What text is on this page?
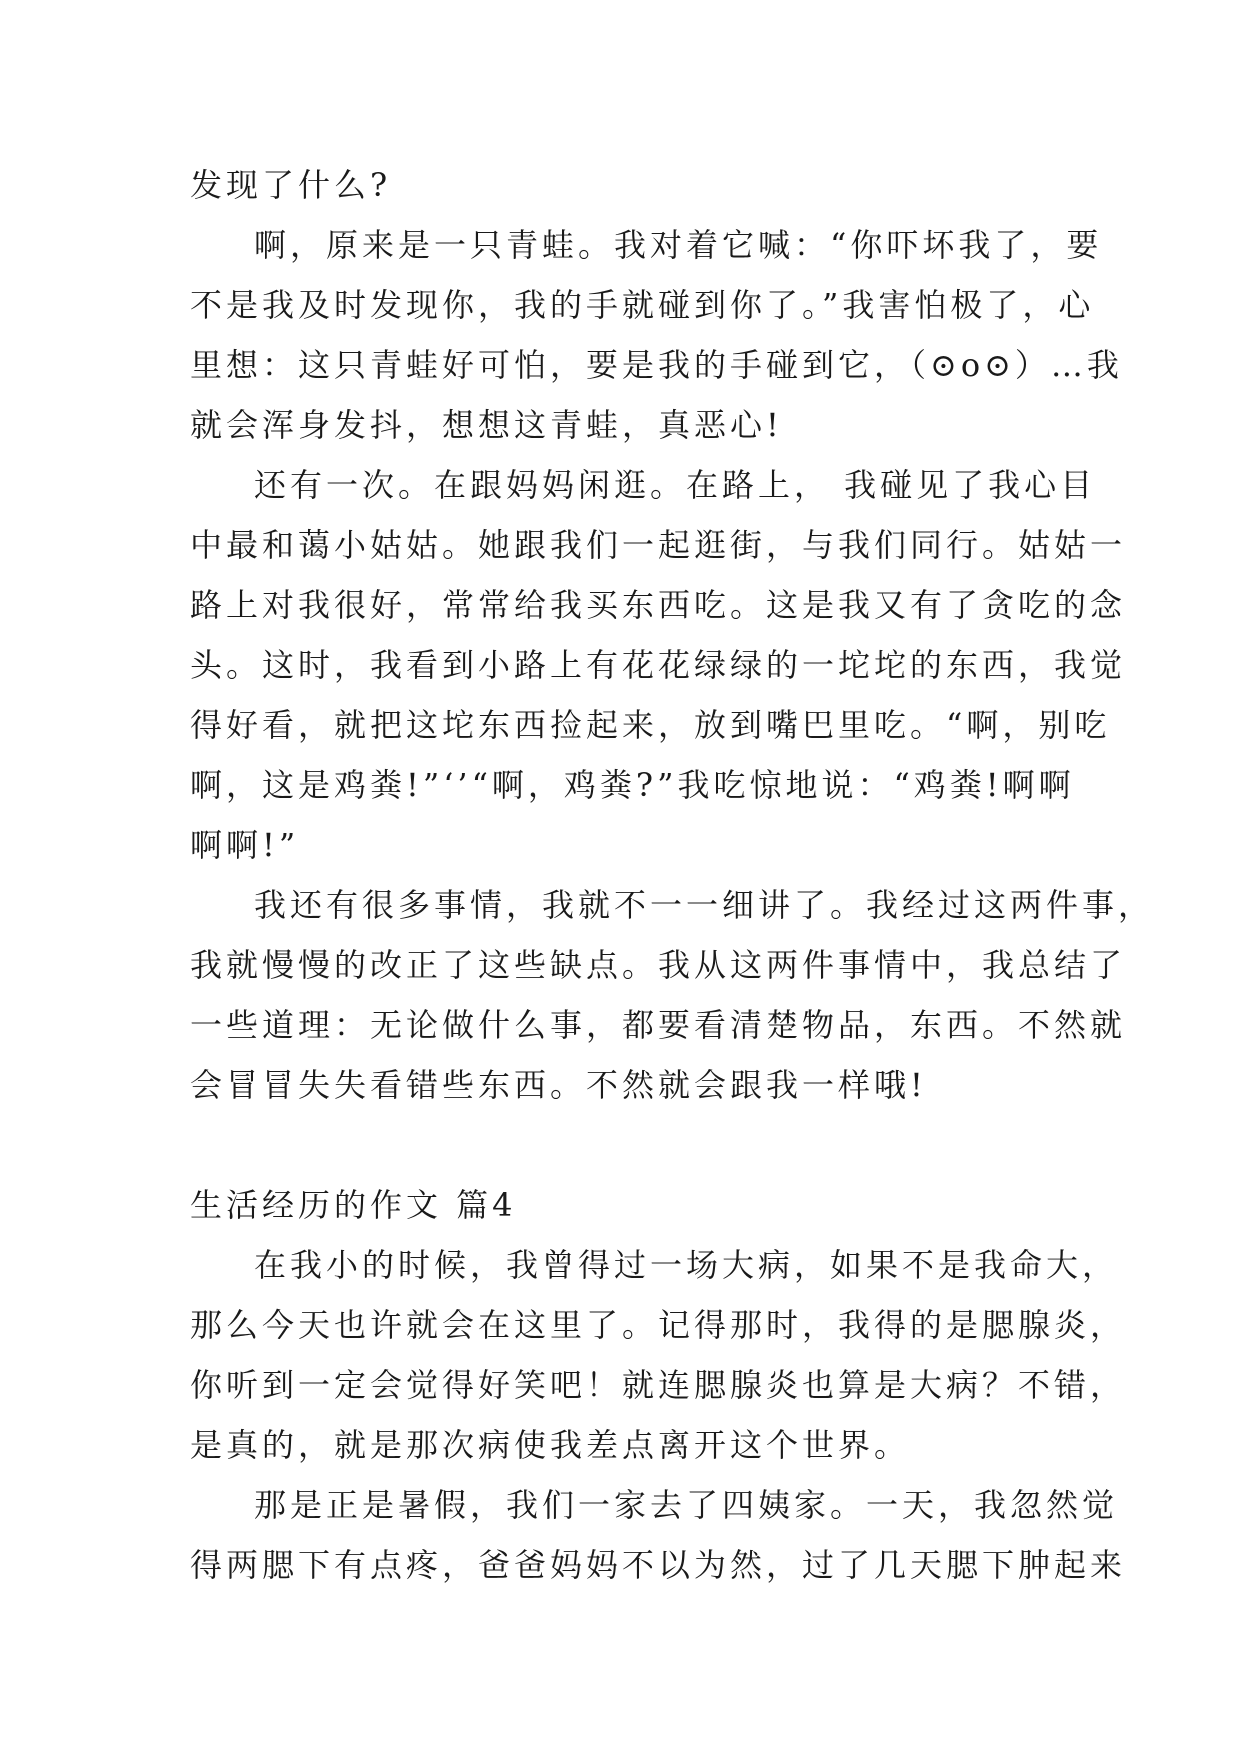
发现了什么?

啊，原来是一只青蛙。我对着它喊：“你吓坏我了，要

不是我及时发现你，我的手就碰到你了。”我害怕极了，心

里想：这只青蛙好可怕，要是我的手碰到它，（⊙o⊙）…我

就会浑身发抖，想想这青蛙，真恶心!

还有一次。在跟妈妈闲逛。在路上， 我碰见了我心目

中最和蔼小姑姑。她跟我们一起逛街，与我们同行。姑姑一

路上对我很好，常常给我买东西吃。这是我又有了贪吃的念

头。这时，我看到小路上有花花绿绿的一坨坨的东西，我觉

得好看，就把这坨东西捡起来，放到嘴巴里吃。“啊，别吃

啊，这是鸡粪!”‘’“啊，鸡粪?”我吃惊地说：“鸡粪!啊啊

啊啊!”

我还有很多事情，我就不一一细讲了。我经过这两件事，

我就慢慢的改正了这些缺点。我从这两件事情中，我总结了

一些道理：无论做什么事，都要看清楚物品，东西。不然就

会冒冒失失看错些东西。不然就会跟我一样哦!

生活经历的作文 篇4

在我小的时候，我曾得过一场大病，如果不是我命大，

那么今天也许就会在这里了。记得那时，我得的是腮腺炎，

你听到一定会觉得好笑吧！就连腮腺炎也算是大病？不错，

是真的，就是那次病使我差点离开这个世界。

那是正是暑假，我们一家去了四姨家。一天，我忽然觉

得两腮下有点疼，爸爸妈妈不以为然，过了几天腮下肿起来
